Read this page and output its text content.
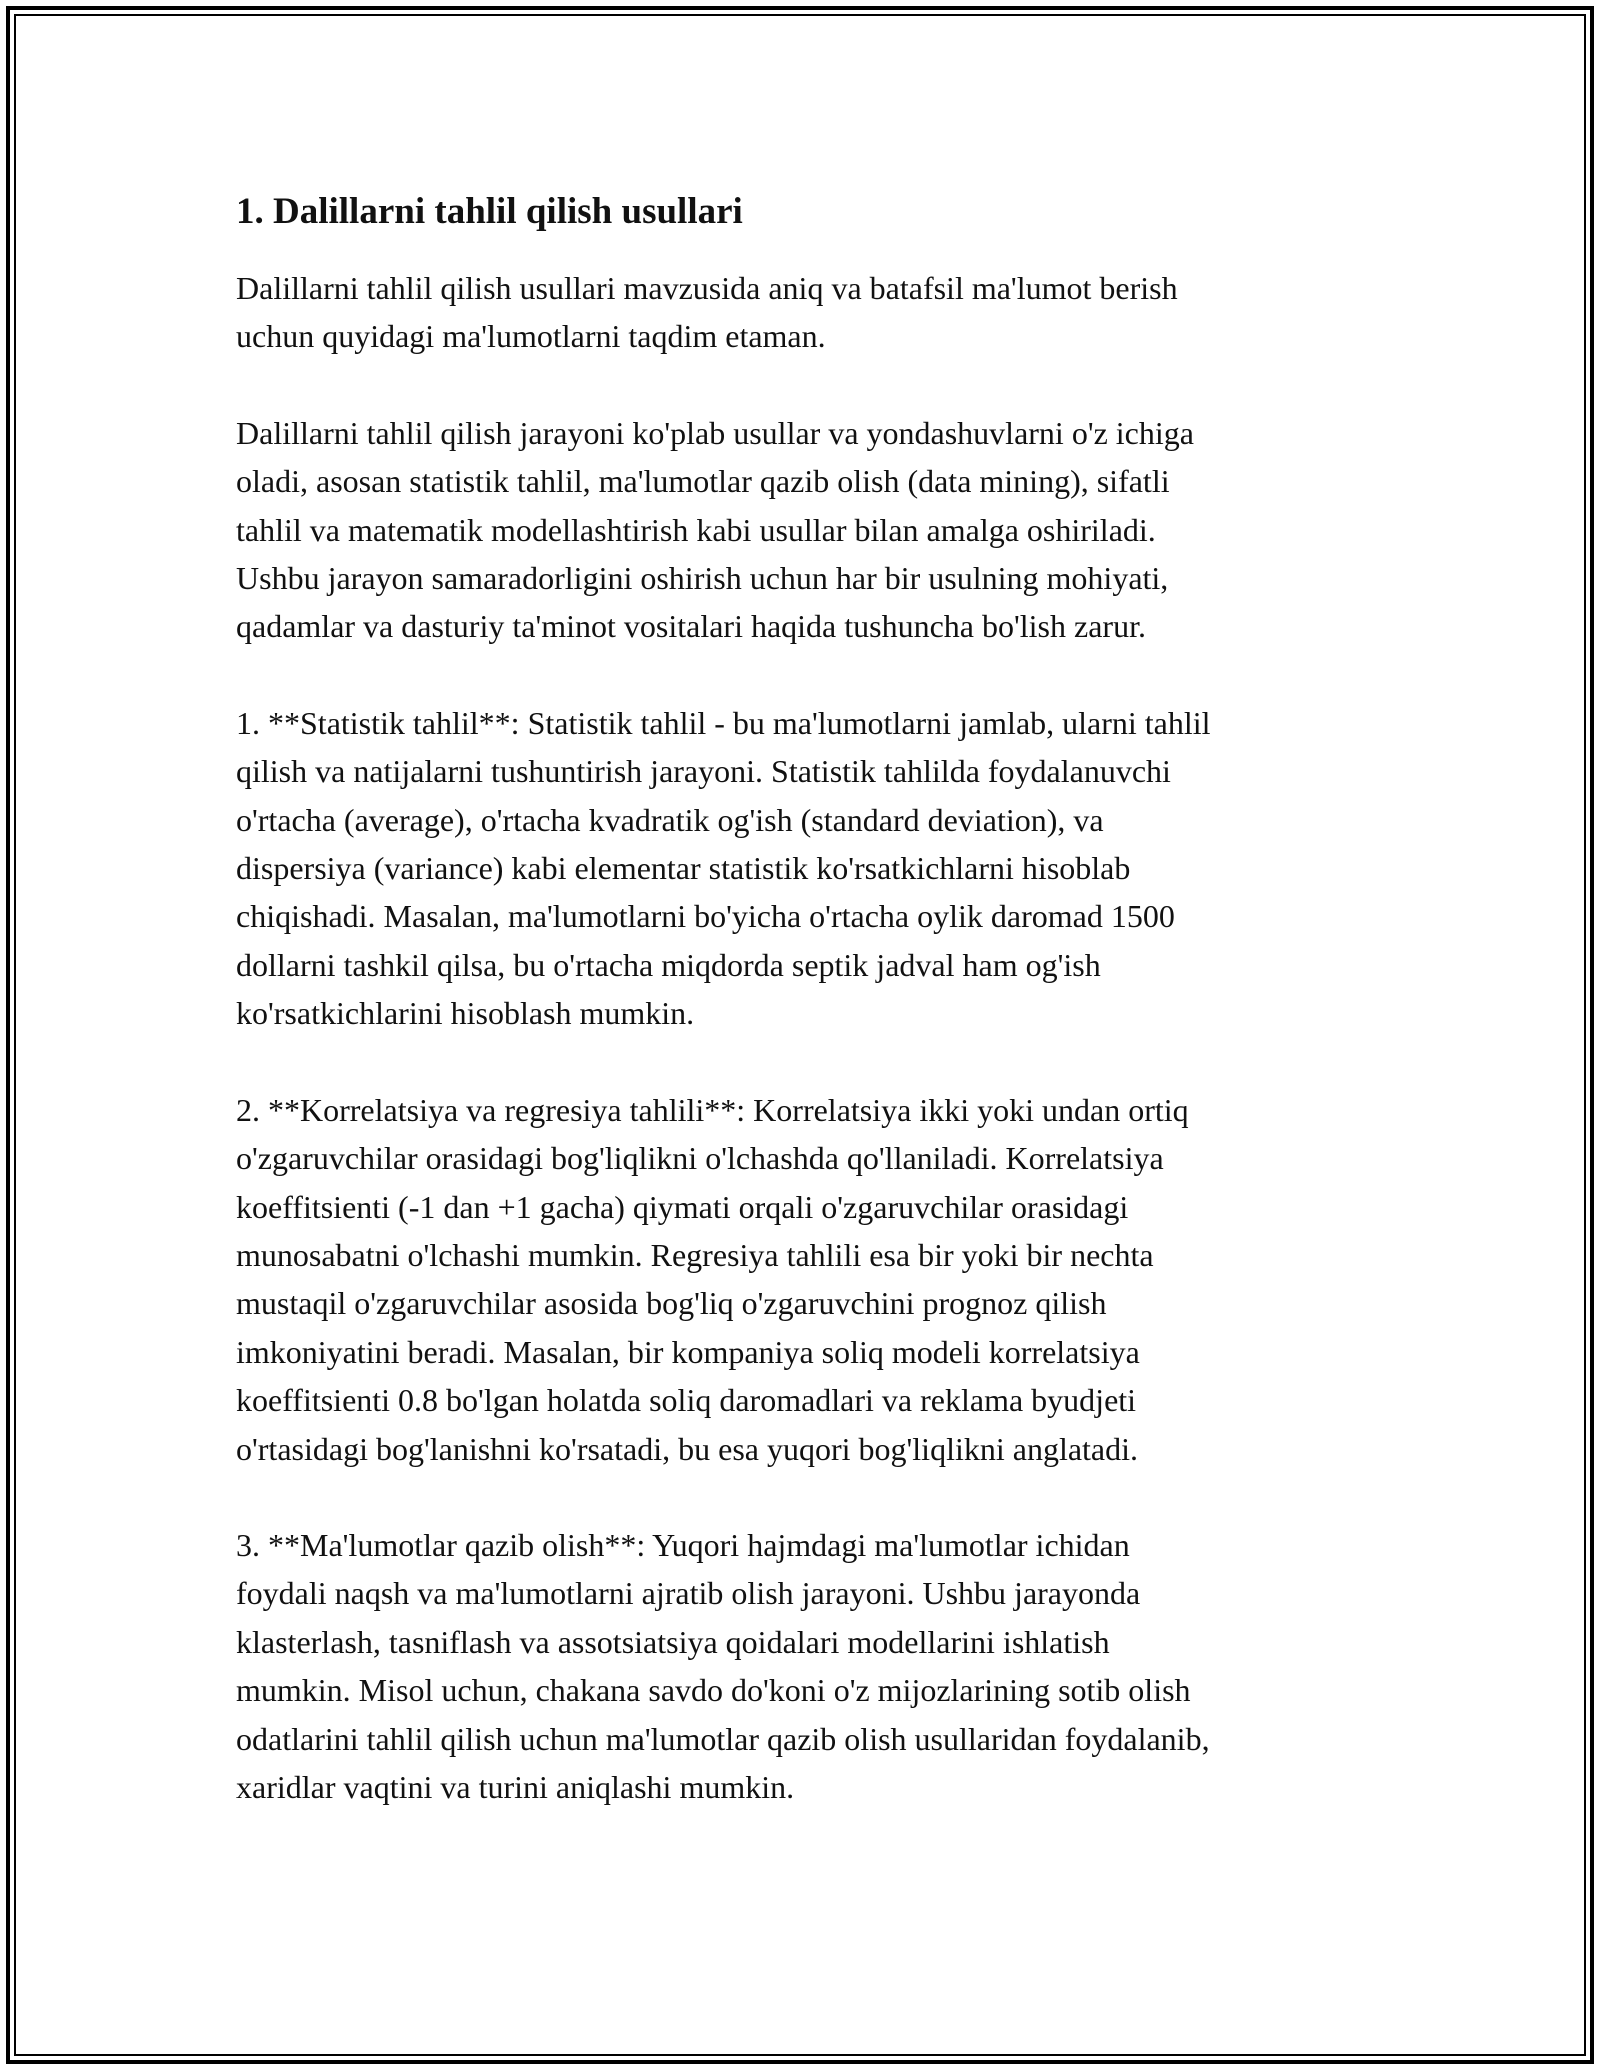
1. Dalillarni tahlil qilish usullari

Dalillarni tahlil qilish usullari mavzusida aniq va batafsil ma'lumot berish
uchun quyidagi ma'lumotlarni taqdim etaman.

Dalillarni tahlil qilish jarayoni ko'plab usullar va yondashuvlarni o'z ichiga
oladi, asosan statistik tahlil, ma'lumotlar qazib olish (data mining), sifatli
tahlil va matematik modellashtirish kabi usullar bilan amalga oshiriladi.
Ushbu jarayon samaradorligini oshirish uchun har bir usulning mohiyati,
qadamlar va dasturiy ta'minot vositalari haqida tushuncha bo'lish zarur.

1. **Statistik tahlil**: Statistik tahlil - bu ma'lumotlarni jamlab, ularni tahlil
qilish va natijalarni tushuntirish jarayoni. Statistik tahlilda foydalanuvchi
o'rtacha (average), o'rtacha kvadratik og'ish (standard deviation), va
dispersiya (variance) kabi elementar statistik ko'rsatkichlarni hisoblab
chiqishadi. Masalan, ma'lumotlarni bo'yicha o'rtacha oylik daromad 1500
dollarni tashkil qilsa, bu o'rtacha miqdorda septik jadval ham og'ish
ko'rsatkichlarini hisoblash mumkin.

2. **Korrelatsiya va regresiya tahlili**: Korrelatsiya ikki yoki undan ortiq
o'zgaruvchilar orasidagi bog'liqlikni o'lchashda qo'llaniladi. Korrelatsiya
koeffitsienti (-1 dan +1 gacha) qiymati orqali o'zgaruvchilar orasidagi
munosabatni o'lchashi mumkin. Regresiya tahlili esa bir yoki bir nechta
mustaqil o'zgaruvchilar asosida bog'liq o'zgaruvchini prognoz qilish
imkoniyatini beradi. Masalan, bir kompaniya soliq modeli korrelatsiya
koeffitsienti 0.8 bo'lgan holatda soliq daromadlari va reklama byudjeti
o'rtasidagi bog'lanishni ko'rsatadi, bu esa yuqori bog'liqlikni anglatadi.

3. **Ma'lumotlar qazib olish**: Yuqori hajmdagi ma'lumotlar ichidan
foydali naqsh va ma'lumotlarni ajratib olish jarayoni. Ushbu jarayonda
klasterlash, tasniflash va assotsiatsiya qoidalari modellarini ishlatish
mumkin. Misol uchun, chakana savdo do'koni o'z mijozlarining sotib olish
odatlarini tahlil qilish uchun ma'lumotlar qazib olish usullaridan foydalanib,
xaridlar vaqtini va turini aniqlashi mumkin.
